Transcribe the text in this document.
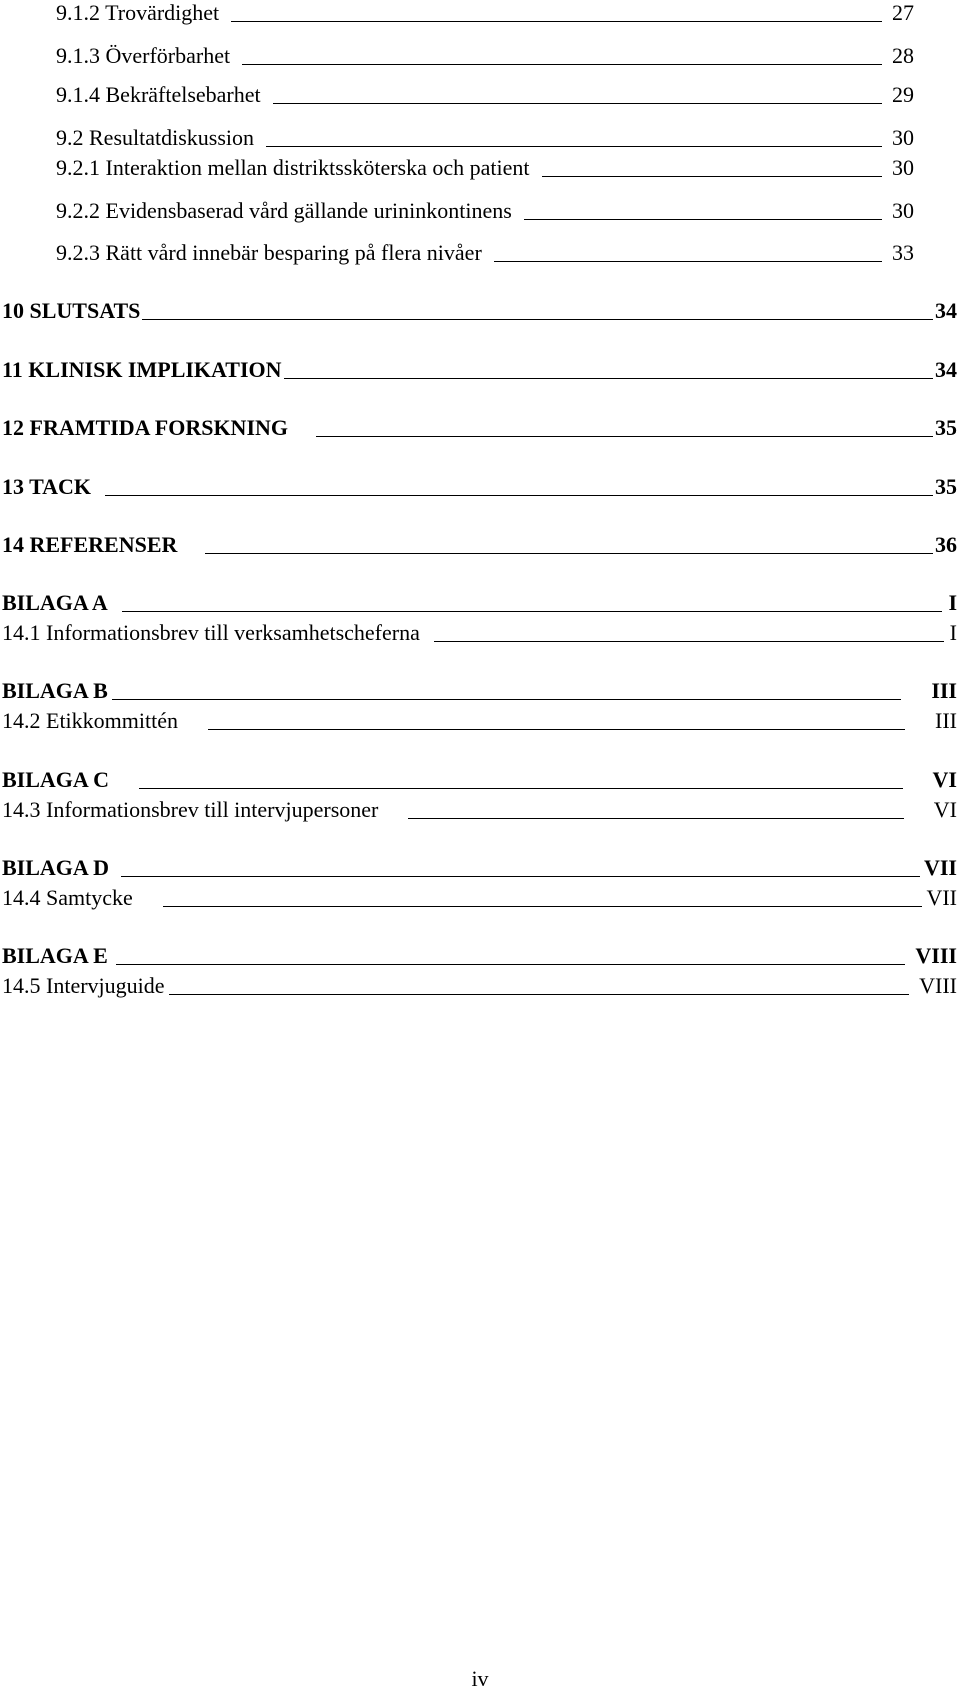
9.1.2 Trovärdighet	27
9.1.3 Överförbarhet	28
9.1.4 Bekräftelsebarhet	29
9.2 Resultatdiskussion	30
9.2.1 Interaktion mellan distriktssköterska och patient	30
9.2.2 Evidensbaserad vård gällande urininkontinens	30
9.2.3 Rätt vård innebär besparing på flera nivåer	33
10 SLUTSATS	34
11 KLINISK IMPLIKATION	34
12 FRAMTIDA FORSKNING	35
13 TACK	35
14 REFERENSER	36
BILAGA A	I
14.1 Informationsbrev till verksamhetscheferna	I
BILAGA B	III
14.2 Etikkommittén	III
BILAGA C	VI
14.3 Informationsbrev till intervjupersoner	VI
BILAGA D	VII
14.4 Samtycke	VII
BILAGA E	VIII
14.5 Intervjuguide	VIII
iv
